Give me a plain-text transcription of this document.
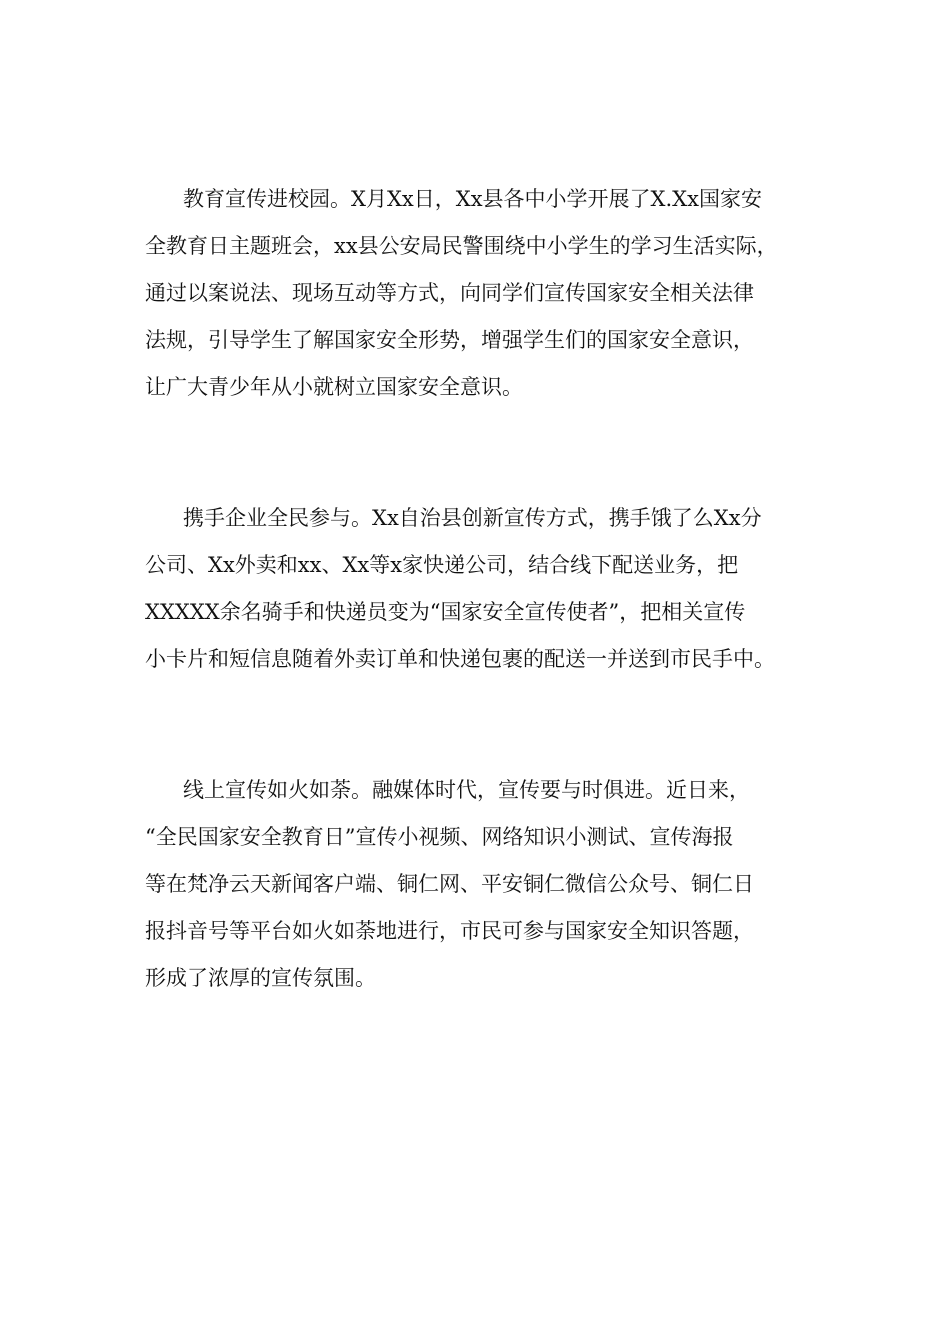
教育宣传进校园。X月Xx日，Xx县各中小学开展了X.Xx国家安
全教育日主题班会，xx县公安局民警围绕中小学生的学习生活实际，
通过以案说法、现场互动等方式，向同学们宣传国家安全相关法律
法规，引导学生了解国家安全形势，增强学生们的国家安全意识，
让广大青少年从小就树立国家安全意识。

携手企业全民参与。Xx自治县创新宣传方式，携手饿了么Xx分
公司、Xx外卖和xx、Xx等x家快递公司，结合线下配送业务，把
XXXXX余名骑手和快递员变为“国家安全宣传使者”，把相关宣传
小卡片和短信息随着外卖订单和快递包裹的配送一并送到市民手中。

线上宣传如火如荼。融媒体时代，宣传要与时俱进。近日来，
“全民国家安全教育日”宣传小视频、网络知识小测试、宣传海报
等在梵净云天新闻客户端、铜仁网、平安铜仁微信公众号、铜仁日
报抖音号等平台如火如荼地进行，市民可参与国家安全知识答题，
形成了浓厚的宣传氛围。
